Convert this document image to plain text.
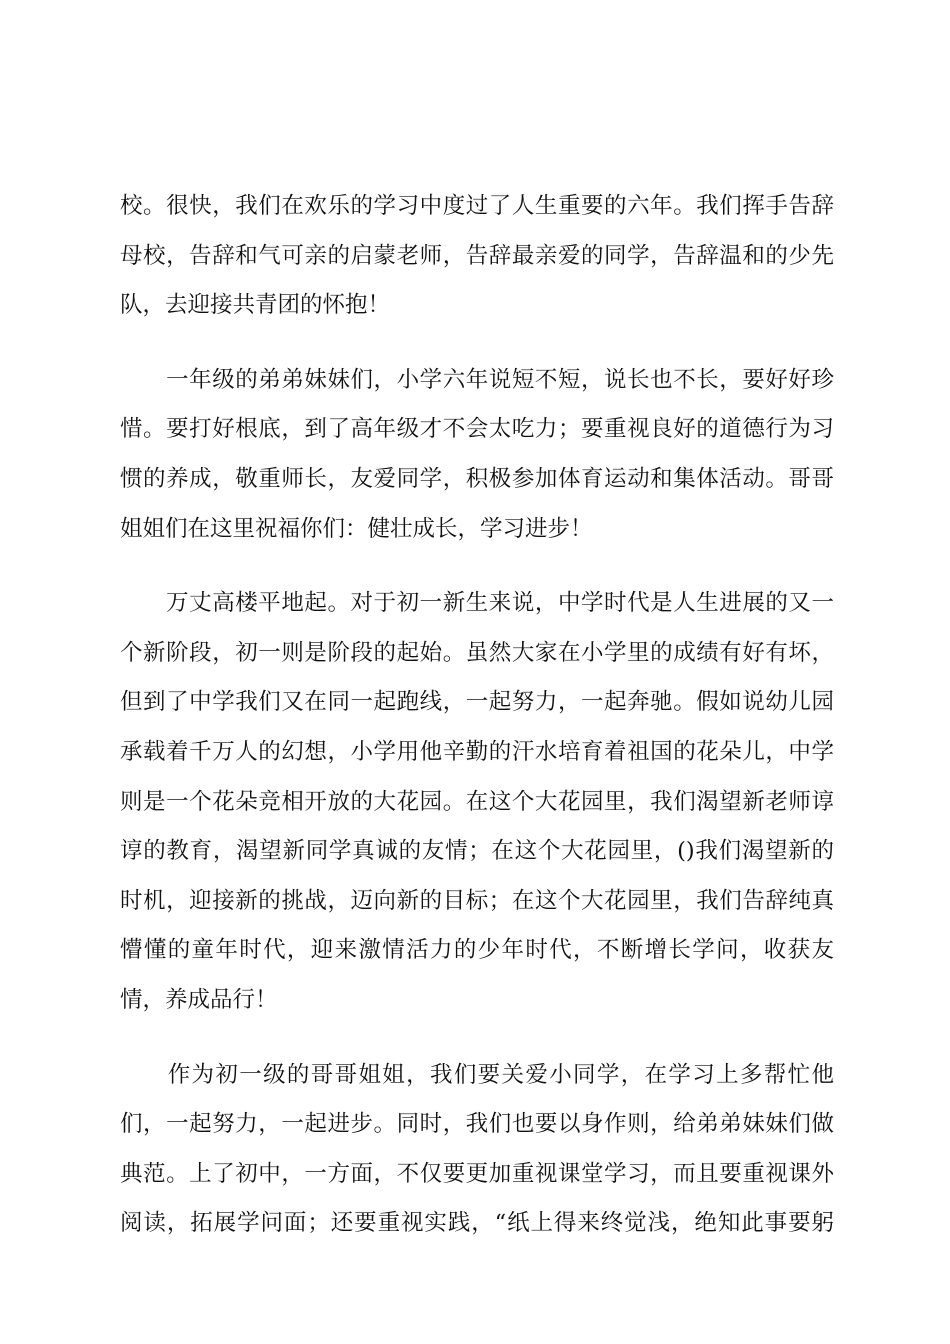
校。很快，我们在欢乐的学习中度过了人生重要的六年。我们挥手告辞
母校，告辞和气可亲的启蒙老师，告辞最亲爱的同学，告辞温和的少先
队，去迎接共青团的怀抱！
　　一年级的弟弟妹妹们，小学六年说短不短，说长也不长，要好好珍
惜。要打好根底，到了高年级才不会太吃力；要重视良好的道德行为习
惯的养成，敬重师长，友爱同学，积极参加体育运动和集体活动。哥哥
姐姐们在这里祝福你们：健壮成长，学习进步！
　　万丈高楼平地起。对于初一新生来说，中学时代是人生进展的又一
个新阶段，初一则是阶段的起始。虽然大家在小学里的成绩有好有坏，
但到了中学我们又在同一起跑线，一起努力，一起奔驰。假如说幼儿园
承载着千万人的幻想，小学用他辛勤的汗水培育着祖国的花朵儿，中学
则是一个花朵竞相开放的大花园。在这个大花园里，我们渴望新老师谆
谆的教育，渴望新同学真诚的友情；在这个大花园里，()我们渴望新的
时机，迎接新的挑战，迈向新的目标；在这个大花园里，我们告辞纯真
懵懂的童年时代，迎来激情活力的少年时代，不断增长学问，收获友
情，养成品行！
　　作为初一级的哥哥姐姐，我们要关爱小同学，在学习上多帮忙他
们，一起努力，一起进步。同时，我们也要以身作则，给弟弟妹妹们做
典范。上了初中，一方面，不仅要更加重视课堂学习，而且要重视课外
阅读，拓展学问面；还要重视实践，“纸上得来终觉浅，绝知此事要躬
